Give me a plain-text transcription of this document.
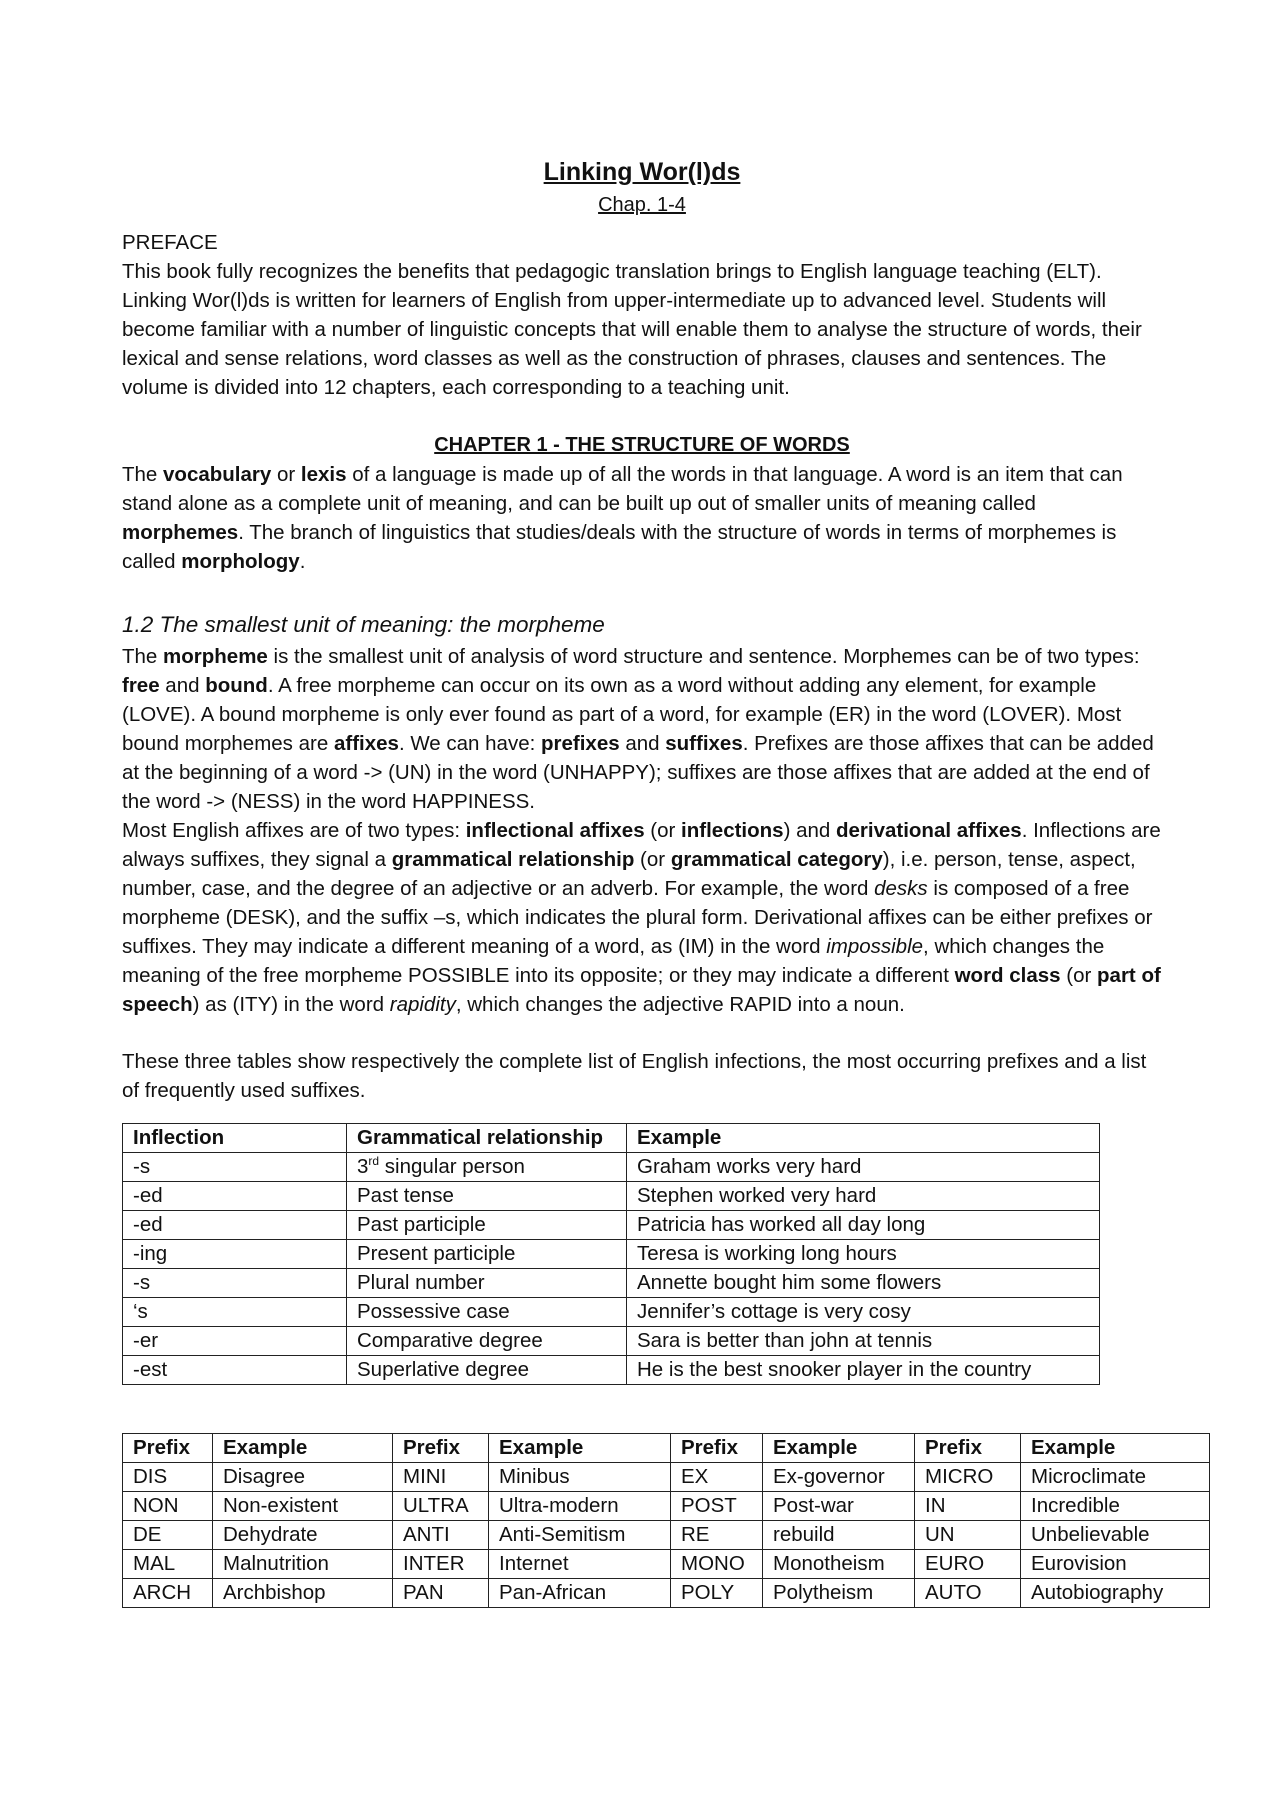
Linking Wor(l)ds
Chap. 1-4

PREFACE

This book fully recognizes the benefits that pedagogic translation brings to English language teaching (ELT). Linking Wor(l)ds is written for learners of English from upper-intermediate up to advanced level. Students will become familiar with a number of linguistic concepts that will enable them to analyse the structure of words, their lexical and sense relations, word classes as well as the construction of phrases, clauses and sentences. The volume is divided into 12 chapters, each corresponding to a teaching unit.

CHAPTER 1 - THE STRUCTURE OF WORDS

The vocabulary or lexis of a language is made up of all the words in that language. A word is an item that can stand alone as a complete unit of meaning, and can be built up out of smaller units of meaning called morphemes. The branch of linguistics that studies/deals with the structure of words in terms of morphemes is called morphology.

1.2 The smallest unit of meaning: the morpheme

The morpheme is the smallest unit of analysis of word structure and sentence. Morphemes can be of two types: free and bound. A free morpheme can occur on its own as a word without adding any element, for example (LOVE). A bound morpheme is only ever found as part of a word, for example (ER) in the word (LOVER). Most bound morphemes are affixes. We can have: prefixes and suffixes. Prefixes are those affixes that can be added at the beginning of a word -> (UN) in the word (UNHAPPY); suffixes are those affixes that are added at the end of the word -> (NESS) in the word HAPPINESS.

Most English affixes are of two types: inflectional affixes (or inflections) and derivational affixes. Inflections are always suffixes, they signal a grammatical relationship (or grammatical category), i.e. person, tense, aspect, number, case, and the degree of an adjective or an adverb. For example, the word desks is composed of a free morpheme (DESK), and the suffix –s, which indicates the plural form. Derivational affixes can be either prefixes or suffixes. They may indicate a different meaning of a word, as (IM) in the word impossible, which changes the meaning of the free morpheme POSSIBLE into its opposite; or they may indicate a different word class (or part of speech) as (ITY) in the word rapidity, which changes the adjective RAPID into a noun.

These three tables show respectively the complete list of English infections, the most occurring prefixes and a list of frequently used suffixes.

Inflection	Grammatical relationship	Example
-s	3rd singular person	Graham works very hard
-ed	Past tense	Stephen worked very hard
-ed	Past participle	Patricia has worked all day long
-ing	Present participle	Teresa is working long hours
-s	Plural number	Annette bought him some flowers
‘s	Possessive case	Jennifer’s cottage is very cosy
-er	Comparative degree	Sara is better than john at tennis
-est	Superlative degree	He is the best snooker player in the country
Prefix	Example	Prefix	Example	Prefix	Example	Prefix	Example
DIS	Disagree	MINI	Minibus	EX	Ex-governor	MICRO	Microclimate
NON	Non-existent	ULTRA	Ultra-modern	POST	Post-war	IN	Incredible
DE	Dehydrate	ANTI	Anti-Semitism	RE	rebuild	UN	Unbelievable
MAL	Malnutrition	INTER	Internet	MONO	Monotheism	EURO	Eurovision
ARCH	Archbishop	PAN	Pan-African	POLY	Polytheism	AUTO	Autobiography
